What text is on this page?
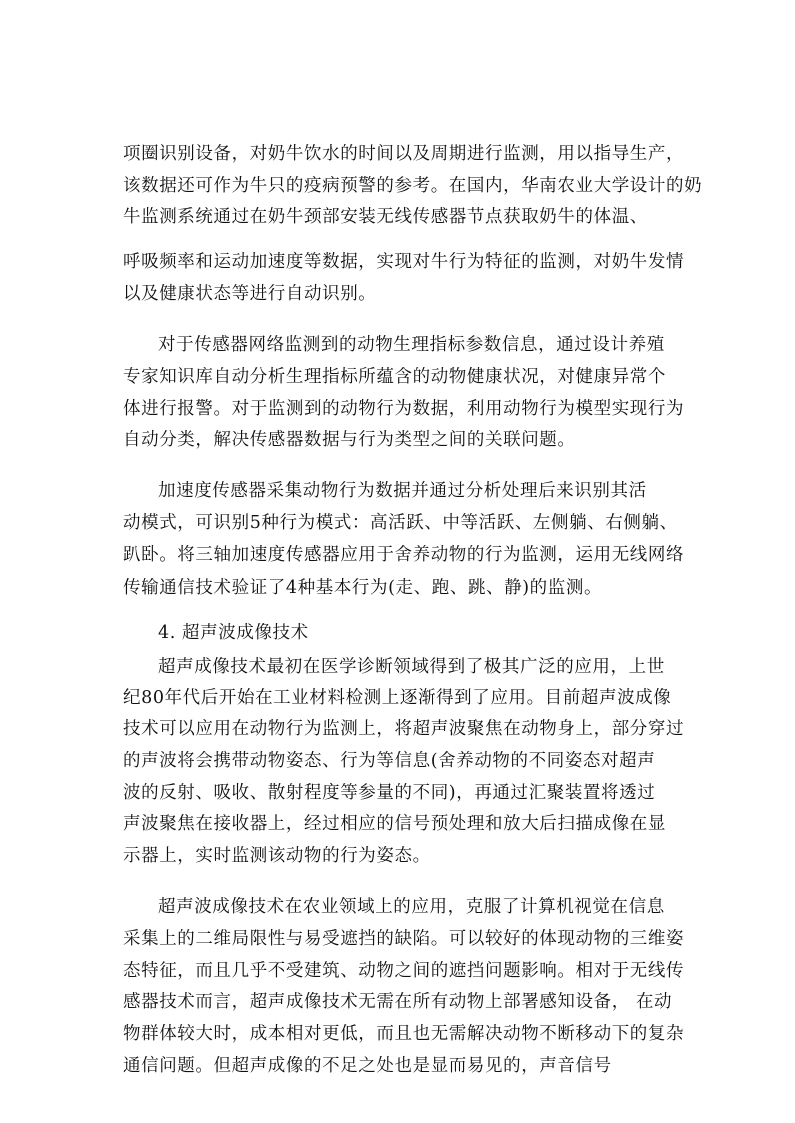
项圈识别设备，对奶牛饮水的时间以及周期进行监测，用以指导生产，
该数据还可作为牛只的疫病预警的参考。在国内，华南农业大学设计的奶
牛监测系统通过在奶牛颈部安装无线传感器节点获取奶牛的体温、
呼吸频率和运动加速度等数据，实现对牛行为特征的监测，对奶牛发情
以及健康状态等进行自动识别。
对于传感器网络监测到的动物生理指标参数信息，通过设计养殖
专家知识库自动分析生理指标所蕴含的动物健康状况，对健康异常个
体进行报警。对于监测到的动物行为数据，利用动物行为模型实现行为
自动分类，解决传感器数据与行为类型之间的关联问题。
加速度传感器采集动物行为数据并通过分析处理后来识别其活
动模式，可识别5种行为模式：高活跃、中等活跃、左侧躺、右侧躺、
趴卧。将三轴加速度传感器应用于舍养动物的行为监测，运用无线网络
传输通信技术验证了4种基本行为(走、跑、跳、静)的监测。
4. 超声波成像技术
超声成像技术最初在医学诊断领域得到了极其广泛的应用，上世
纪80年代后开始在工业材料检测上逐渐得到了应用。目前超声波成像
技术可以应用在动物行为监测上，将超声波聚焦在动物身上，部分穿过
的声波将会携带动物姿态、行为等信息(舍养动物的不同姿态对超声
波的反射、吸收、散射程度等参量的不同)，再通过汇聚装置将透过
声波聚焦在接收器上，经过相应的信号预处理和放大后扫描成像在显
示器上，实时监测该动物的行为姿态。
超声波成像技术在农业领域上的应用，克服了计算机视觉在信息
采集上的二维局限性与易受遮挡的缺陷。可以较好的体现动物的三维姿
态特征，而且几乎不受建筑、动物之间的遮挡问题影响。相对于无线传
感器技术而言，超声成像技术无需在所有动物上部署感知设备， 在动
物群体较大时，成本相对更低，而且也无需解决动物不断移动下的复杂
通信问题。但超声成像的不足之处也是显而易见的，声音信号
